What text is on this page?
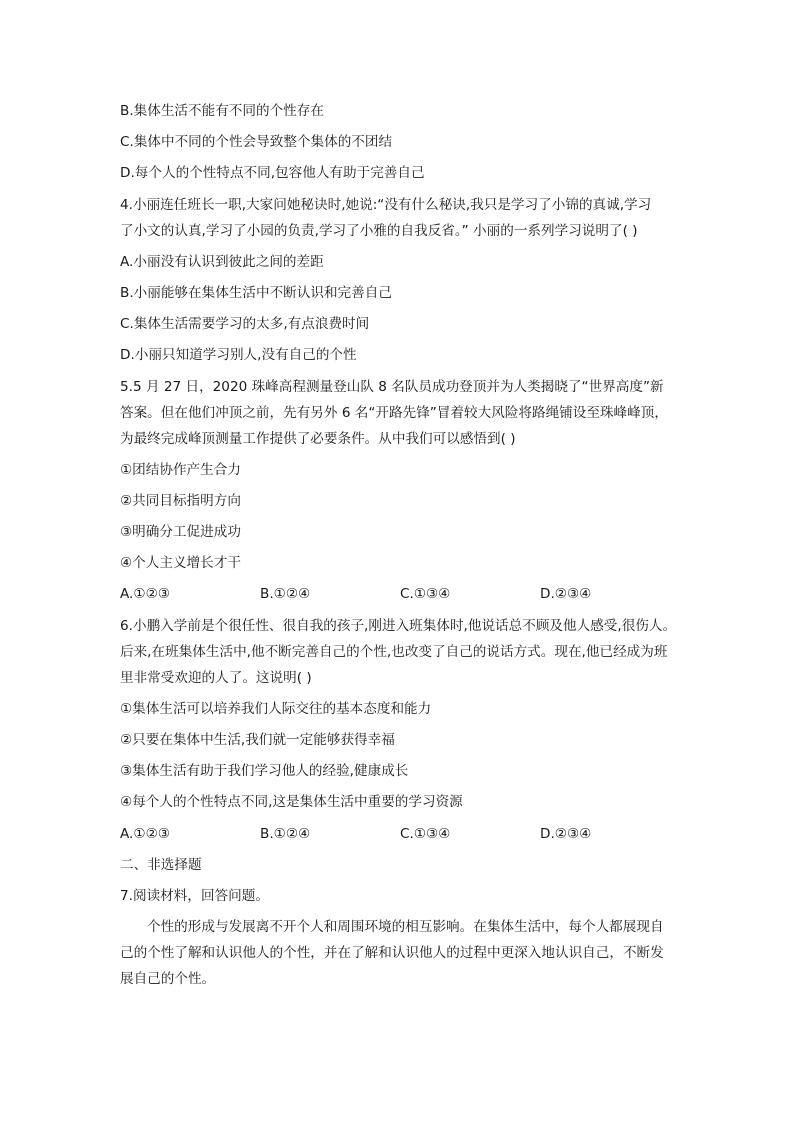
B.集体生活不能有不同的个性存在
C.集体中不同的个性会导致整个集体的不团结
D.每个人的个性特点不同,包容他人有助于完善自己
4.小丽连任班长一职,大家问她秘诀时,她说:“没有什么秘诀,我只是学习了小锦的真诚,学习
了小文的认真,学习了小园的负责,学习了小雅的自我反省。” 小丽的一系列学习说明了( )
A.小丽没有认识到彼此之间的差距
B.小丽能够在集体生活中不断认识和完善自己
C.集体生活需要学习的太多,有点浪费时间
D.小丽只知道学习别人,没有自己的个性
5.5 月 27 日，2020 珠峰高程测量登山队 8 名队员成功登顶并为人类揭晓了“世界高度”新
答案。但在他们冲顶之前，先有另外 6 名“开路先锋”冒着较大风险将路绳铺设至珠峰峰顶，
为最终完成峰顶测量工作提供了必要条件。从中我们可以感悟到( )
①团结协作产生合力
②共同目标指明方向
③明确分工促进成功
④个人主义增长才干
A.①②③	B.①②④	C.①③④	D.②③④
6.小鹏入学前是个很任性、很自我的孩子,刚进入班集体时,他说话总不顾及他人感受,很伤人。
后来,在班集体生活中,他不断完善自己的个性,也改变了自己的说话方式。现在,他已经成为班
里非常受欢迎的人了。这说明( )
①集体生活可以培养我们人际交往的基本态度和能力
②只要在集体中生活,我们就一定能够获得幸福
③集体生活有助于我们学习他人的经验,健康成长
④每个人的个性特点不同,这是集体生活中重要的学习资源
A.①②③	B.①②④	C.①③④	D.②③④
二、非选择题
7.阅读材料，回答问题。
个性的形成与发展离不开个人和周围环境的相互影响。在集体生活中，每个人都展现自
己的个性了解和认识他人的个性，并在了解和认识他人的过程中更深入地认识自己，不断发
展自己的个性。
